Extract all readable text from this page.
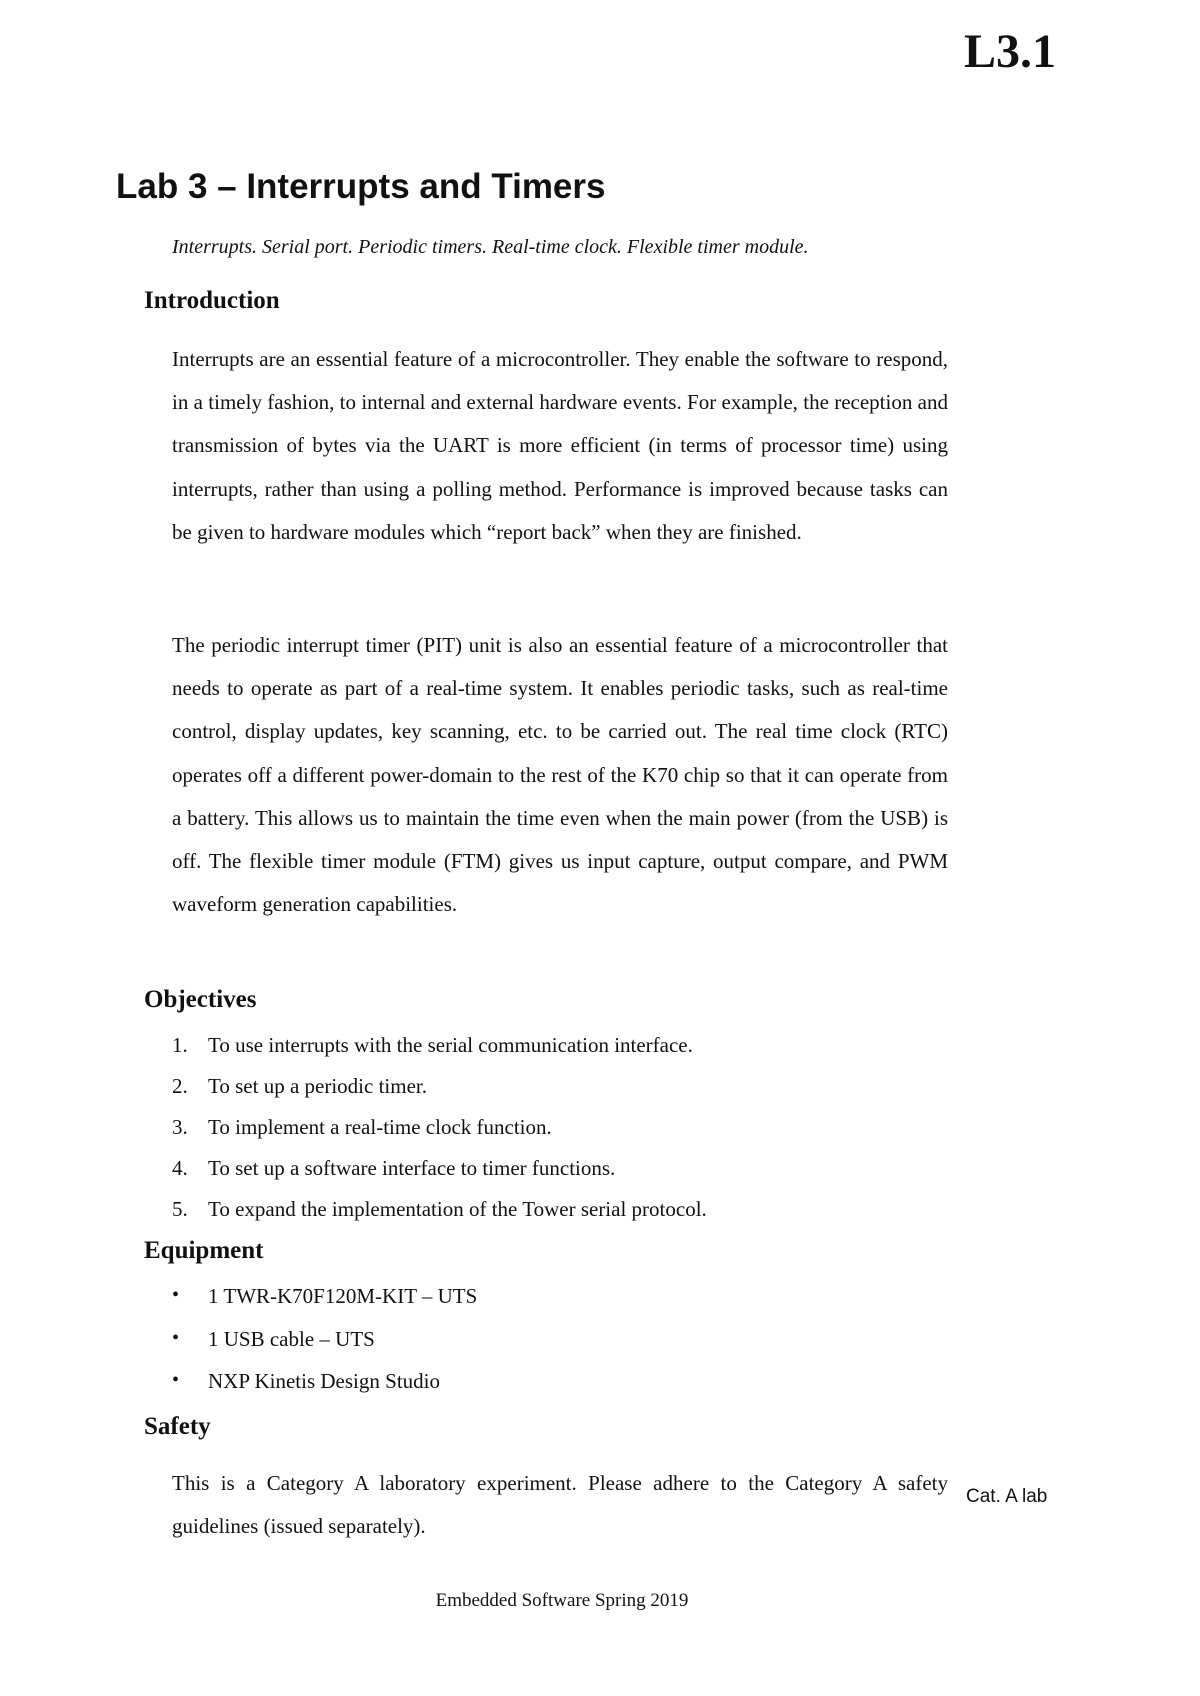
L3.1
Lab 3 – Interrupts and Timers
Interrupts. Serial port. Periodic timers. Real-time clock. Flexible timer module.
Introduction

Interrupts are an essential feature of a microcontroller. They enable the software to respond, in a timely fashion, to internal and external hardware events. For example, the reception and transmission of bytes via the UART is more efficient (in terms of processor time) using interrupts, rather than using a polling method. Performance is improved because tasks can be given to hardware modules which “report back” when they are finished.

The periodic interrupt timer (PIT) unit is also an essential feature of a microcontroller that needs to operate as part of a real-time system. It enables periodic tasks, such as real-time control, display updates, key scanning, etc. to be carried out. The real time clock (RTC) operates off a different power-domain to the rest of the K70 chip so that it can operate from a battery. This allows us to maintain the time even when the main power (from the USB) is off. The flexible timer module (FTM) gives us input capture, output compare, and PWM waveform generation capabilities.

Objectives
1. To use interrupts with the serial communication interface.
2. To set up a periodic timer.
3. To implement a real-time clock function.
4. To set up a software interface to timer functions.
5. To expand the implementation of the Tower serial protocol.
Equipment
•	1 TWR-K70F120M-KIT – UTS
•	1 USB cable – UTS
•	NXP Kinetis Design Studio
Safety

This is a Category A laboratory experiment. Please adhere to the Category A safety guidelines (issued separately).

Cat. A lab
Embedded Software Spring 2019
